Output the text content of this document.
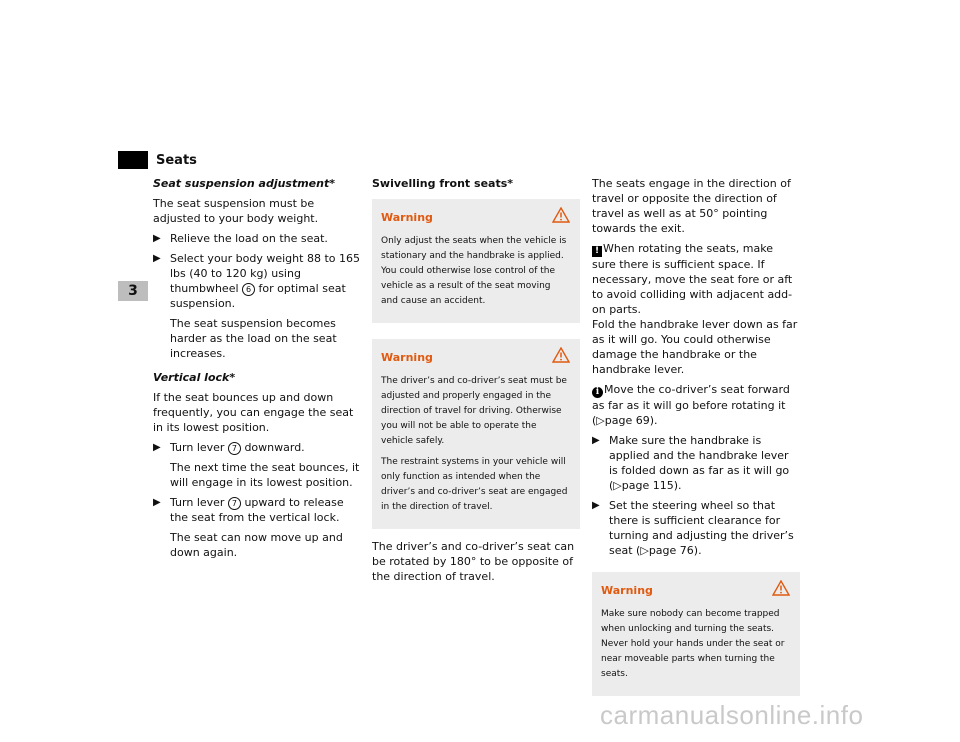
Seats
3
Seat suspension adjustment*

The seat suspension must be adjusted to your body weight.

▶ Relieve the load on the seat.
▶ Select your body weight 88 to 165 lbs (40 to 120 kg) using thumbwheel 6 for optimal seat suspension.

The seat suspension becomes harder as the load on the seat increases.

Vertical lock*

If the seat bounces up and down frequently, you can engage the seat in its lowest position.

▶ Turn lever 7 downward.

The next time the seat bounces, it will engage in its lowest position.

▶ Turn lever 7 upward to release the seat from the vertical lock.

The seat can now move up and down again.

Swivelling front seats*
Warning

Only adjust the seats when the vehicle is stationary and the handbrake is applied. You could otherwise lose control of the vehicle as a result of the seat moving and cause an accident.

Warning

The driver’s and co-driver’s seat must be adjusted and properly engaged in the direction of travel for driving. Otherwise you will not be able to operate the vehicle safely.

The restraint systems in your vehicle will only function as intended when the driver’s and co-driver’s seat are engaged in the direction of travel.

The driver’s and co-driver’s seat can be rotated by 180° to be opposite of the direction of travel.

The seats engage in the direction of travel or opposite the direction of travel as well as at 50° pointing towards the exit.

! When rotating the seats, make sure there is sufficient space. If necessary, move the seat fore or aft to avoid colliding with adjacent add-on parts.
Fold the handbrake lever down as far as it will go. You could otherwise damage the handbrake or the handbrake lever.

i Move the co-driver’s seat forward as far as it will go before rotating it (▷page 69).

▶ Make sure the handbrake is applied and the handbrake lever is folded down as far as it will go (▷page 115).
▶ Set the steering wheel so that there is sufficient clearance for turning and adjusting the driver’s seat (▷page 76).
Warning

Make sure nobody can become trapped when unlocking and turning the seats. Never hold your hands under the seat or near moveable parts when turning the seats.

carmanualsonline.info
